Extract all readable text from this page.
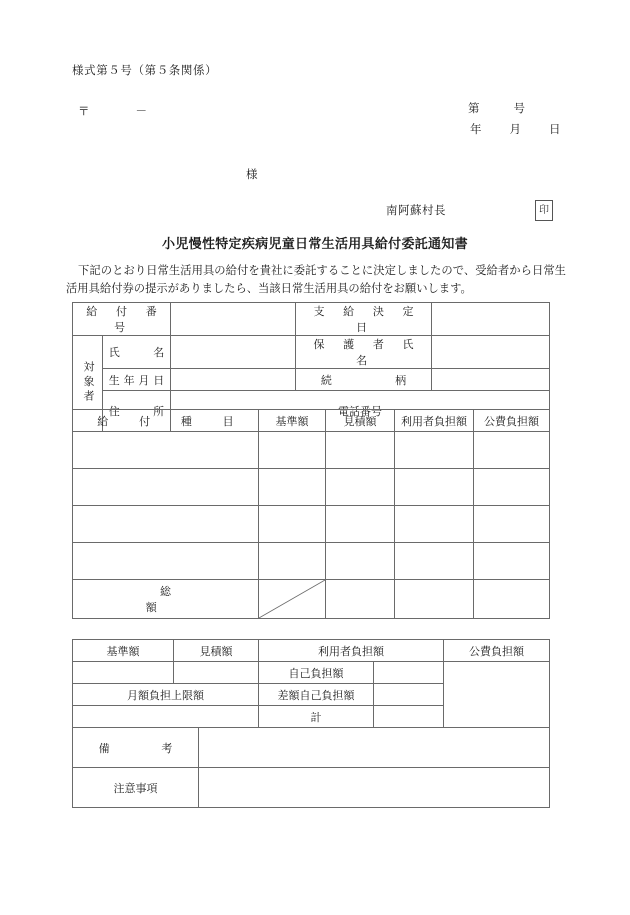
様式第５号（第５条関係）
〒	－	第	号
年 月 日
様
南阿蘇村長	印
小児慢性特定疾病児童日常生活用具給付委託通知書
下記のとおり日常生活用具の給付を貴社に委託することに決定しましたので、受給者から日常生活用具給付券の提示がありましたら、当該日常生活用具の給付をお願いします。
給　付　番　号			支　給　決　定　日	
対象者	氏　　名		保　護　者　氏　名	
	生年月日		続　　　　柄	
	住　　所	電話番号		
給　付　種　目	基準額	見積額	利用者負担額	公費負担額

総　　　　額	

基準額	見積額	利用者負担額		公費負担額
		自己負担額		
月額負担上限額		差額自己負担額		
		計		
備　　考	
注意事項	
